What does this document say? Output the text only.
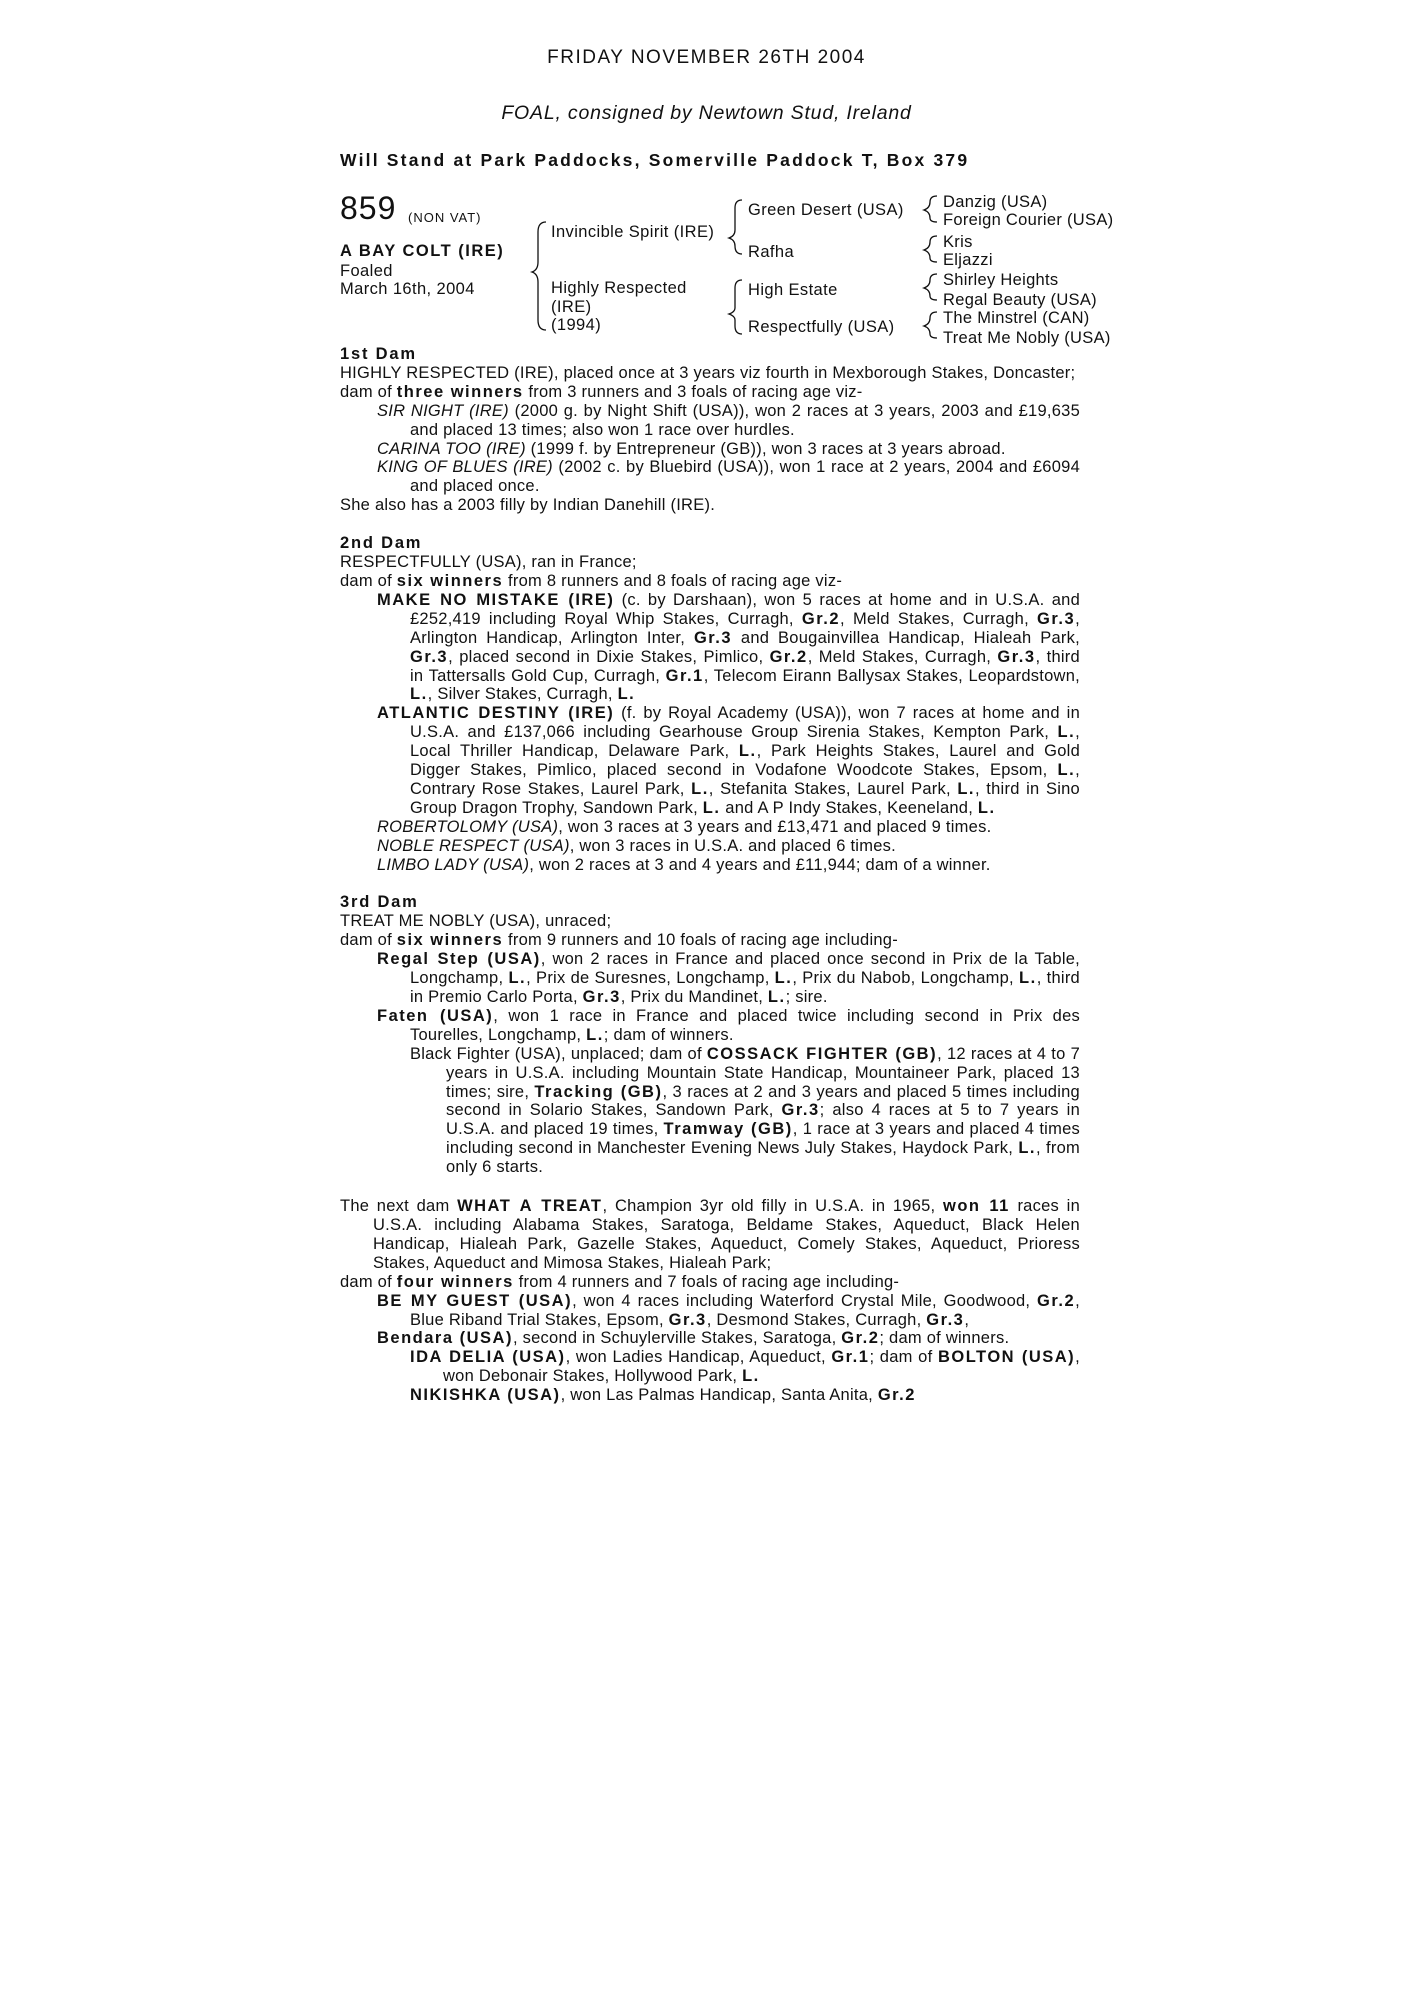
FRIDAY NOVEMBER 26TH 2004
FOAL, consigned by Newtown Stud, Ireland
Will Stand at Park Paddocks, Somerville Paddock T, Box 379
859 (NON VAT)
A BAY COLT (IRE)
Foaled
March 16th, 2004
Invincible Spirit (IRE)
Highly Respected
(IRE)
(1994)
Green Desert (USA)
Rafha
High Estate
Respectfully (USA)
Danzig (USA)
Foreign Courier (USA)
Kris
Eljazzi
Shirley Heights
Regal Beauty (USA)
The Minstrel (CAN)
Treat Me Nobly (USA)

1st Dam

HIGHLY RESPECTED (IRE), placed once at 3 years viz fourth in Mexborough Stakes, Doncaster;

dam of three winners from 3 runners and 3 foals of racing age viz-

SIR NIGHT (IRE) (2000 g. by Night Shift (USA)), won 2 races at 3 years, 2003 and £19,635 and placed 13 times; also won 1 race over hurdles.

CARINA TOO (IRE) (1999 f. by Entrepreneur (GB)), won 3 races at 3 years abroad.

KING OF BLUES (IRE) (2002 c. by Bluebird (USA)), won 1 race at 2 years, 2004 and £6094 and placed once.

She also has a 2003 filly by Indian Danehill (IRE).

2nd Dam

RESPECTFULLY (USA), ran in France;

dam of six winners from 8 runners and 8 foals of racing age viz-

MAKE NO MISTAKE (IRE) (c. by Darshaan), won 5 races at home and in U.S.A. and £252,419 including Royal Whip Stakes, Curragh, Gr.2, Meld Stakes, Curragh, Gr.3, Arlington Handicap, Arlington Inter, Gr.3 and Bougainvillea Handicap, Hialeah Park, Gr.3, placed second in Dixie Stakes, Pimlico, Gr.2, Meld Stakes, Curragh, Gr.3, third in Tattersalls Gold Cup, Curragh, Gr.1, Telecom Eirann Ballysax Stakes, Leopardstown, L., Silver Stakes, Curragh, L.

ATLANTIC DESTINY (IRE) (f. by Royal Academy (USA)), won 7 races at home and in U.S.A. and £137,066 including Gearhouse Group Sirenia Stakes, Kempton Park, L., Local Thriller Handicap, Delaware Park, L., Park Heights Stakes, Laurel and Gold Digger Stakes, Pimlico, placed second in Vodafone Woodcote Stakes, Epsom, L., Contrary Rose Stakes, Laurel Park, L., Stefanita Stakes, Laurel Park, L., third in Sino Group Dragon Trophy, Sandown Park, L. and A P Indy Stakes, Keeneland, L.

ROBERTOLOMY (USA), won 3 races at 3 years and £13,471 and placed 9 times.

NOBLE RESPECT (USA), won 3 races in U.S.A. and placed 6 times.

LIMBO LADY (USA), won 2 races at 3 and 4 years and £11,944; dam of a winner.

3rd Dam

TREAT ME NOBLY (USA), unraced;

dam of six winners from 9 runners and 10 foals of racing age including-

Regal Step (USA), won 2 races in France and placed once second in Prix de la Table, Longchamp, L., Prix de Suresnes, Longchamp, L., Prix du Nabob, Longchamp, L., third in Premio Carlo Porta, Gr.3, Prix du Mandinet, L.; sire.

Faten (USA), won 1 race in France and placed twice including second in Prix des Tourelles, Longchamp, L.; dam of winners.

Black Fighter (USA), unplaced; dam of COSSACK FIGHTER (GB), 12 races at 4 to 7 years in U.S.A. including Mountain State Handicap, Mountaineer Park, placed 13 times; sire, Tracking (GB), 3 races at 2 and 3 years and placed 5 times including second in Solario Stakes, Sandown Park, Gr.3; also 4 races at 5 to 7 years in U.S.A. and placed 19 times, Tramway (GB), 1 race at 3 years and placed 4 times including second in Manchester Evening News July Stakes, Haydock Park, L., from only 6 starts.

The next dam WHAT A TREAT, Champion 3yr old filly in U.S.A. in 1965, won 11 races in U.S.A. including Alabama Stakes, Saratoga, Beldame Stakes, Aqueduct, Black Helen Handicap, Hialeah Park, Gazelle Stakes, Aqueduct, Comely Stakes, Aqueduct, Prioress Stakes, Aqueduct and Mimosa Stakes, Hialeah Park;

dam of four winners from 4 runners and 7 foals of racing age including-

BE MY GUEST (USA), won 4 races including Waterford Crystal Mile, Goodwood, Gr.2, Blue Riband Trial Stakes, Epsom, Gr.3, Desmond Stakes, Curragh, Gr.3,

Bendara (USA), second in Schuylerville Stakes, Saratoga, Gr.2; dam of winners.

IDA DELIA (USA), won Ladies Handicap, Aqueduct, Gr.1; dam of BOLTON (USA), won Debonair Stakes, Hollywood Park, L.

NIKISHKA (USA), won Las Palmas Handicap, Santa Anita, Gr.2
